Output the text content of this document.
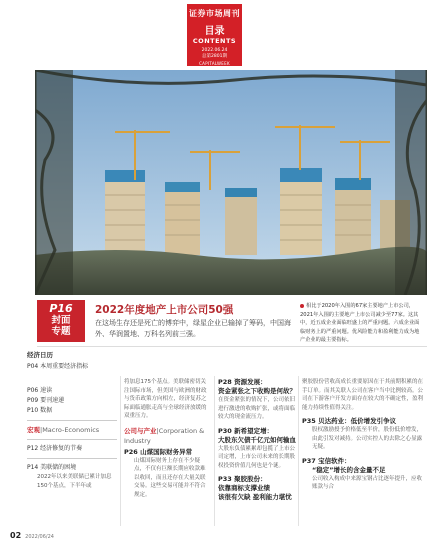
证券市场周刊
目录
CONTENTS
2022.06.24
总第2801期
CAPITALWEEK
P16
封面
专题
2022年度地产上市公司50强
在这场生存还是死亡的博弈中，绿星企业已输掉了筹码，中国海外、华润置地、万科名列前三强。
相比于2020年入围的67家主要地产上市公司，2021年入围的主要地产上市公司减少至77家。这其中，近五成企业面临旺盛上的严重问题。六成企业面临财务上的严重问题。优风险能力和盈利能力成为地产企业的最主要指标。
经济日历
P04 本周重要经济指标
P06 速读
P09 要刊速递
P10 数据
宏观|Macro-Economics
P12 经济修复的节奏
P14 美联储的困境
2022年以来美联储已累计加息150个基点，下半年或
将加息175个基点。美联储密切关注国际市场，但美国与欧洲的财政与货币政策方向相左，经济复苏之际面临通胀走高与全球经济放缓的双重压力。
公司与产业|Corporation & Industry
P26 山煤国际财务异常
山煤国际财务上存在不少疑点，不仅有巨额长期应收款难以收回，而且还存在大量关联交易。这些交易可能并不符合规定。
P28 资源发展：
资金紧张之下收购是何故？
在资金紧张的情况下，公司依旧进行激进的收购扩张，或将面临较大的现金流压力。
P30 新希望定增：
大股东欠债千亿元如何输血
大股东负债累累却包揽了上市公司定增，上市公司未来的长期股权投资价值几何也是个谜。
P33 聚胶股份：
依靠商标支撑业绩
该很有欠缺 盈利能力堪忧
聚胶股份营收高成长重要原因在于其前期积累的在手订单。而其关联人公司在客户当中比例较高。公司在下游客户开发方面存在较大的不确定性，盈利能力持续性值得关注。
P35 贝达药业：低价增发引争议
股权激励授予价格低至半价，股份低价增发，由此引发对减持。公司实控人的去除之心显露无疑。
P37 宝信软件：
“稳定”增长的含金量不足
公司收入构成中来源宝钢占比逐年提升，应收账款与合
02 2022/06/24
